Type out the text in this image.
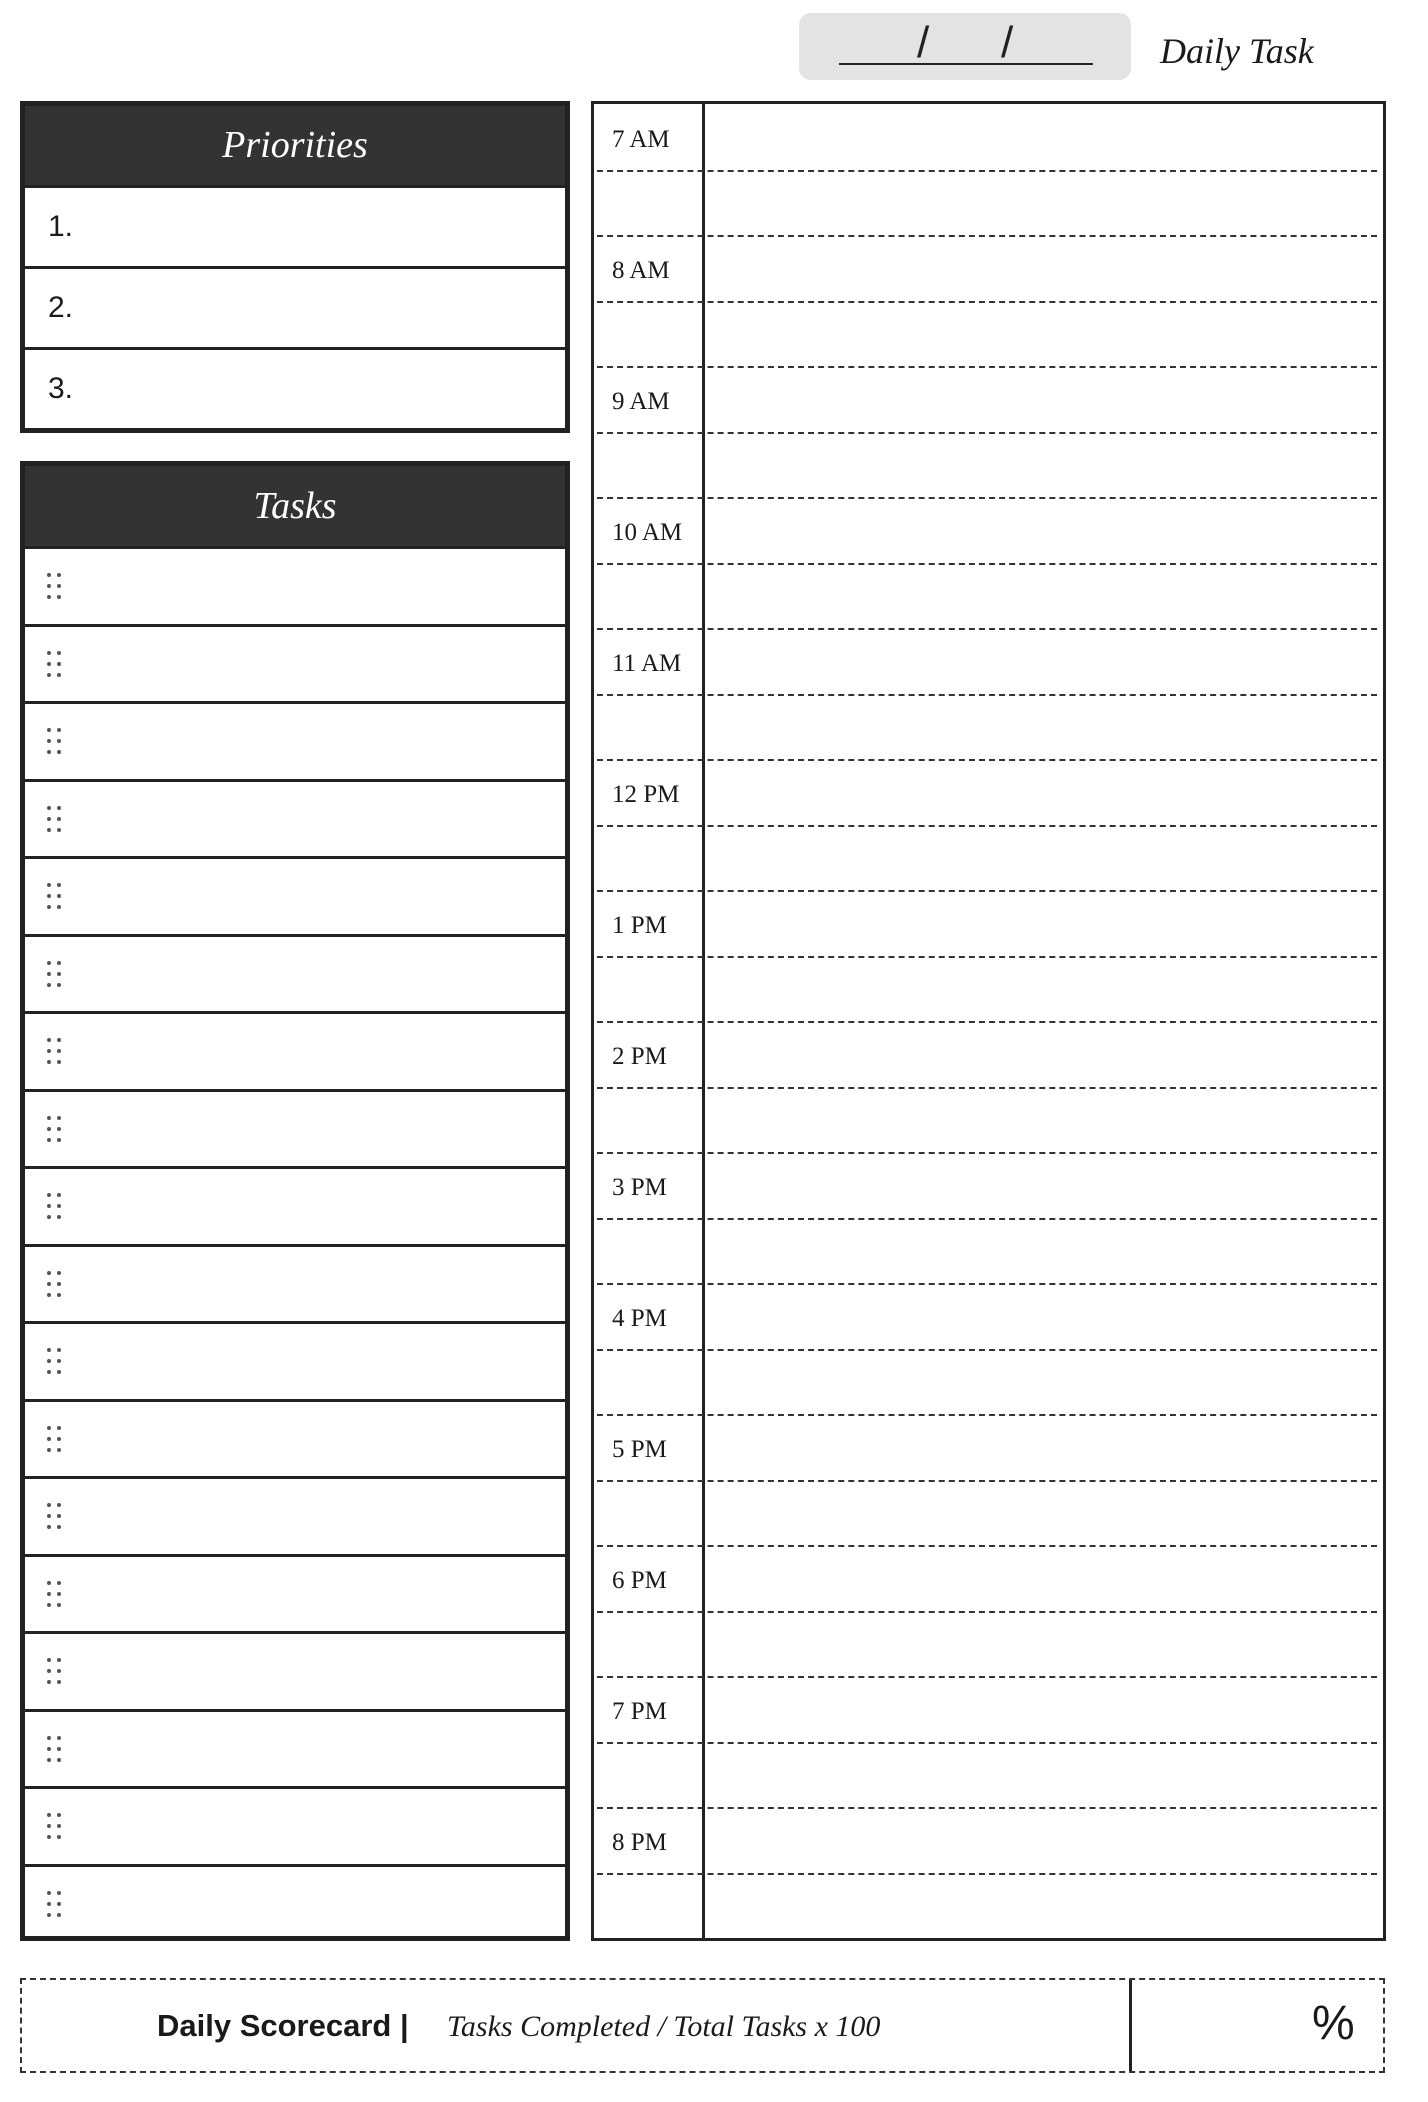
/ /	Daily Task
Priorities
1.
2.
3.
Tasks
7 AM
8 AM
9 AM
10 AM
11 AM
12 PM
1 PM
2 PM
3 PM
4 PM
5 PM
6 PM
7 PM
8 PM
Daily Scorecard | Tasks Completed / Total Tasks x 100	%
